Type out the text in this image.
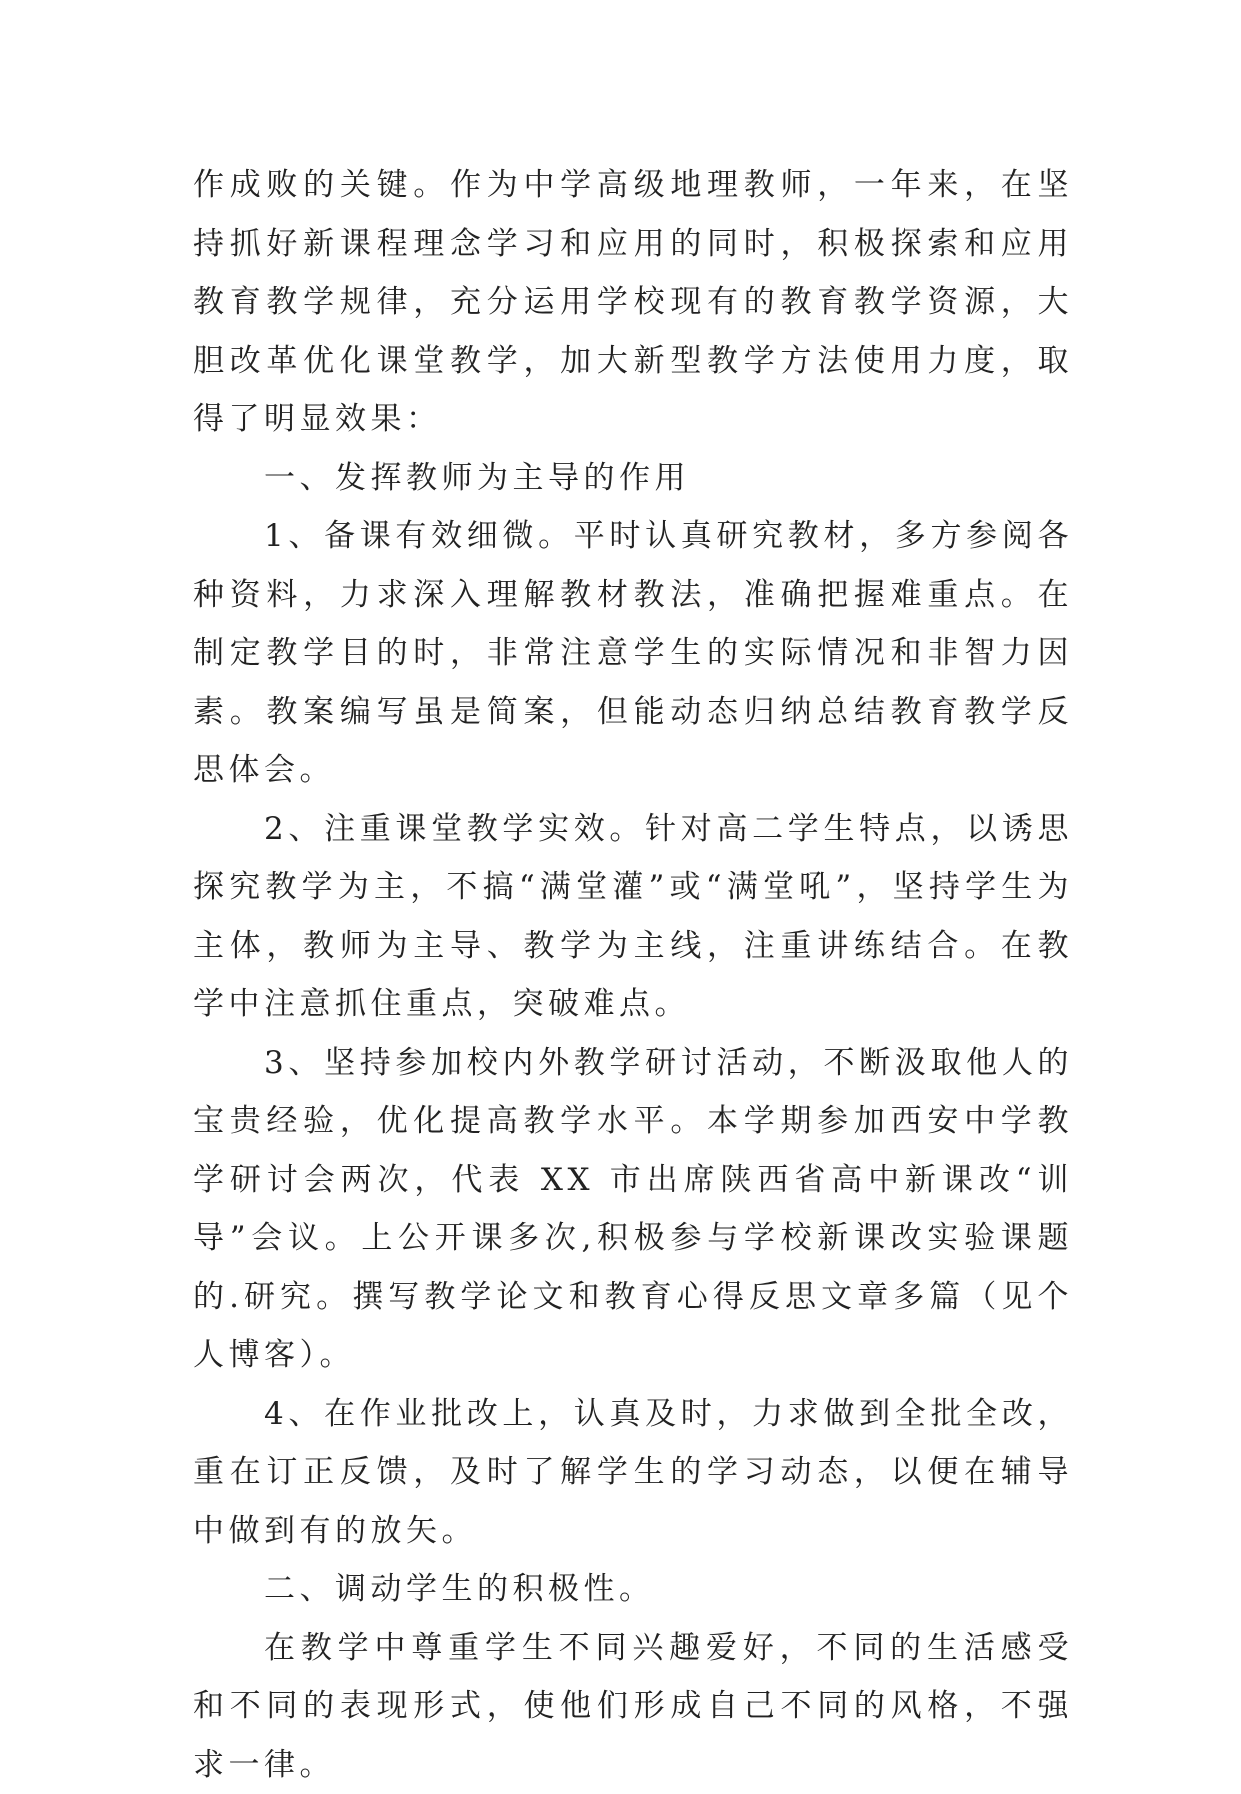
作成败的关键。作为中学高级地理教师，一年来，在坚持抓好新课程理念学习和应用的同时，积极探索和应用教育教学规律，充分运用学校现有的教育教学资源，大胆改革优化课堂教学，加大新型教学方法使用力度，取得了明显效果：

一、发挥教师为主导的作用

1、备课有效细微。平时认真研究教材，多方参阅各种资料，力求深入理解教材教法，准确把握难重点。在制定教学目的时，非常注意学生的实际情况和非智力因素。教案编写虽是简案，但能动态归纳总结教育教学反思体会。

2、注重课堂教学实效。针对高二学生特点，以诱思探究教学为主，不搞“满堂灌”或“满堂吼”，坚持学生为主体，教师为主导、教学为主线，注重讲练结合。在教学中注意抓住重点，突破难点。

3、坚持参加校内外教学研讨活动，不断汲取他人的宝贵经验，优化提高教学水平。本学期参加西安中学教学研讨会两次，代表 XX 市出席陕西省高中新课改“训导”会议。上公开课多次,积极参与学校新课改实验课题的.研究。撰写教学论文和教育心得反思文章多篇（见个人博客）。

4、在作业批改上，认真及时，力求做到全批全改，重在订正反馈，及时了解学生的学习动态，以便在辅导中做到有的放矢。

二、调动学生的积极性。

在教学中尊重学生不同兴趣爱好，不同的生活感受和不同的表现形式，使他们形成自己不同的风格，不强求一律。
